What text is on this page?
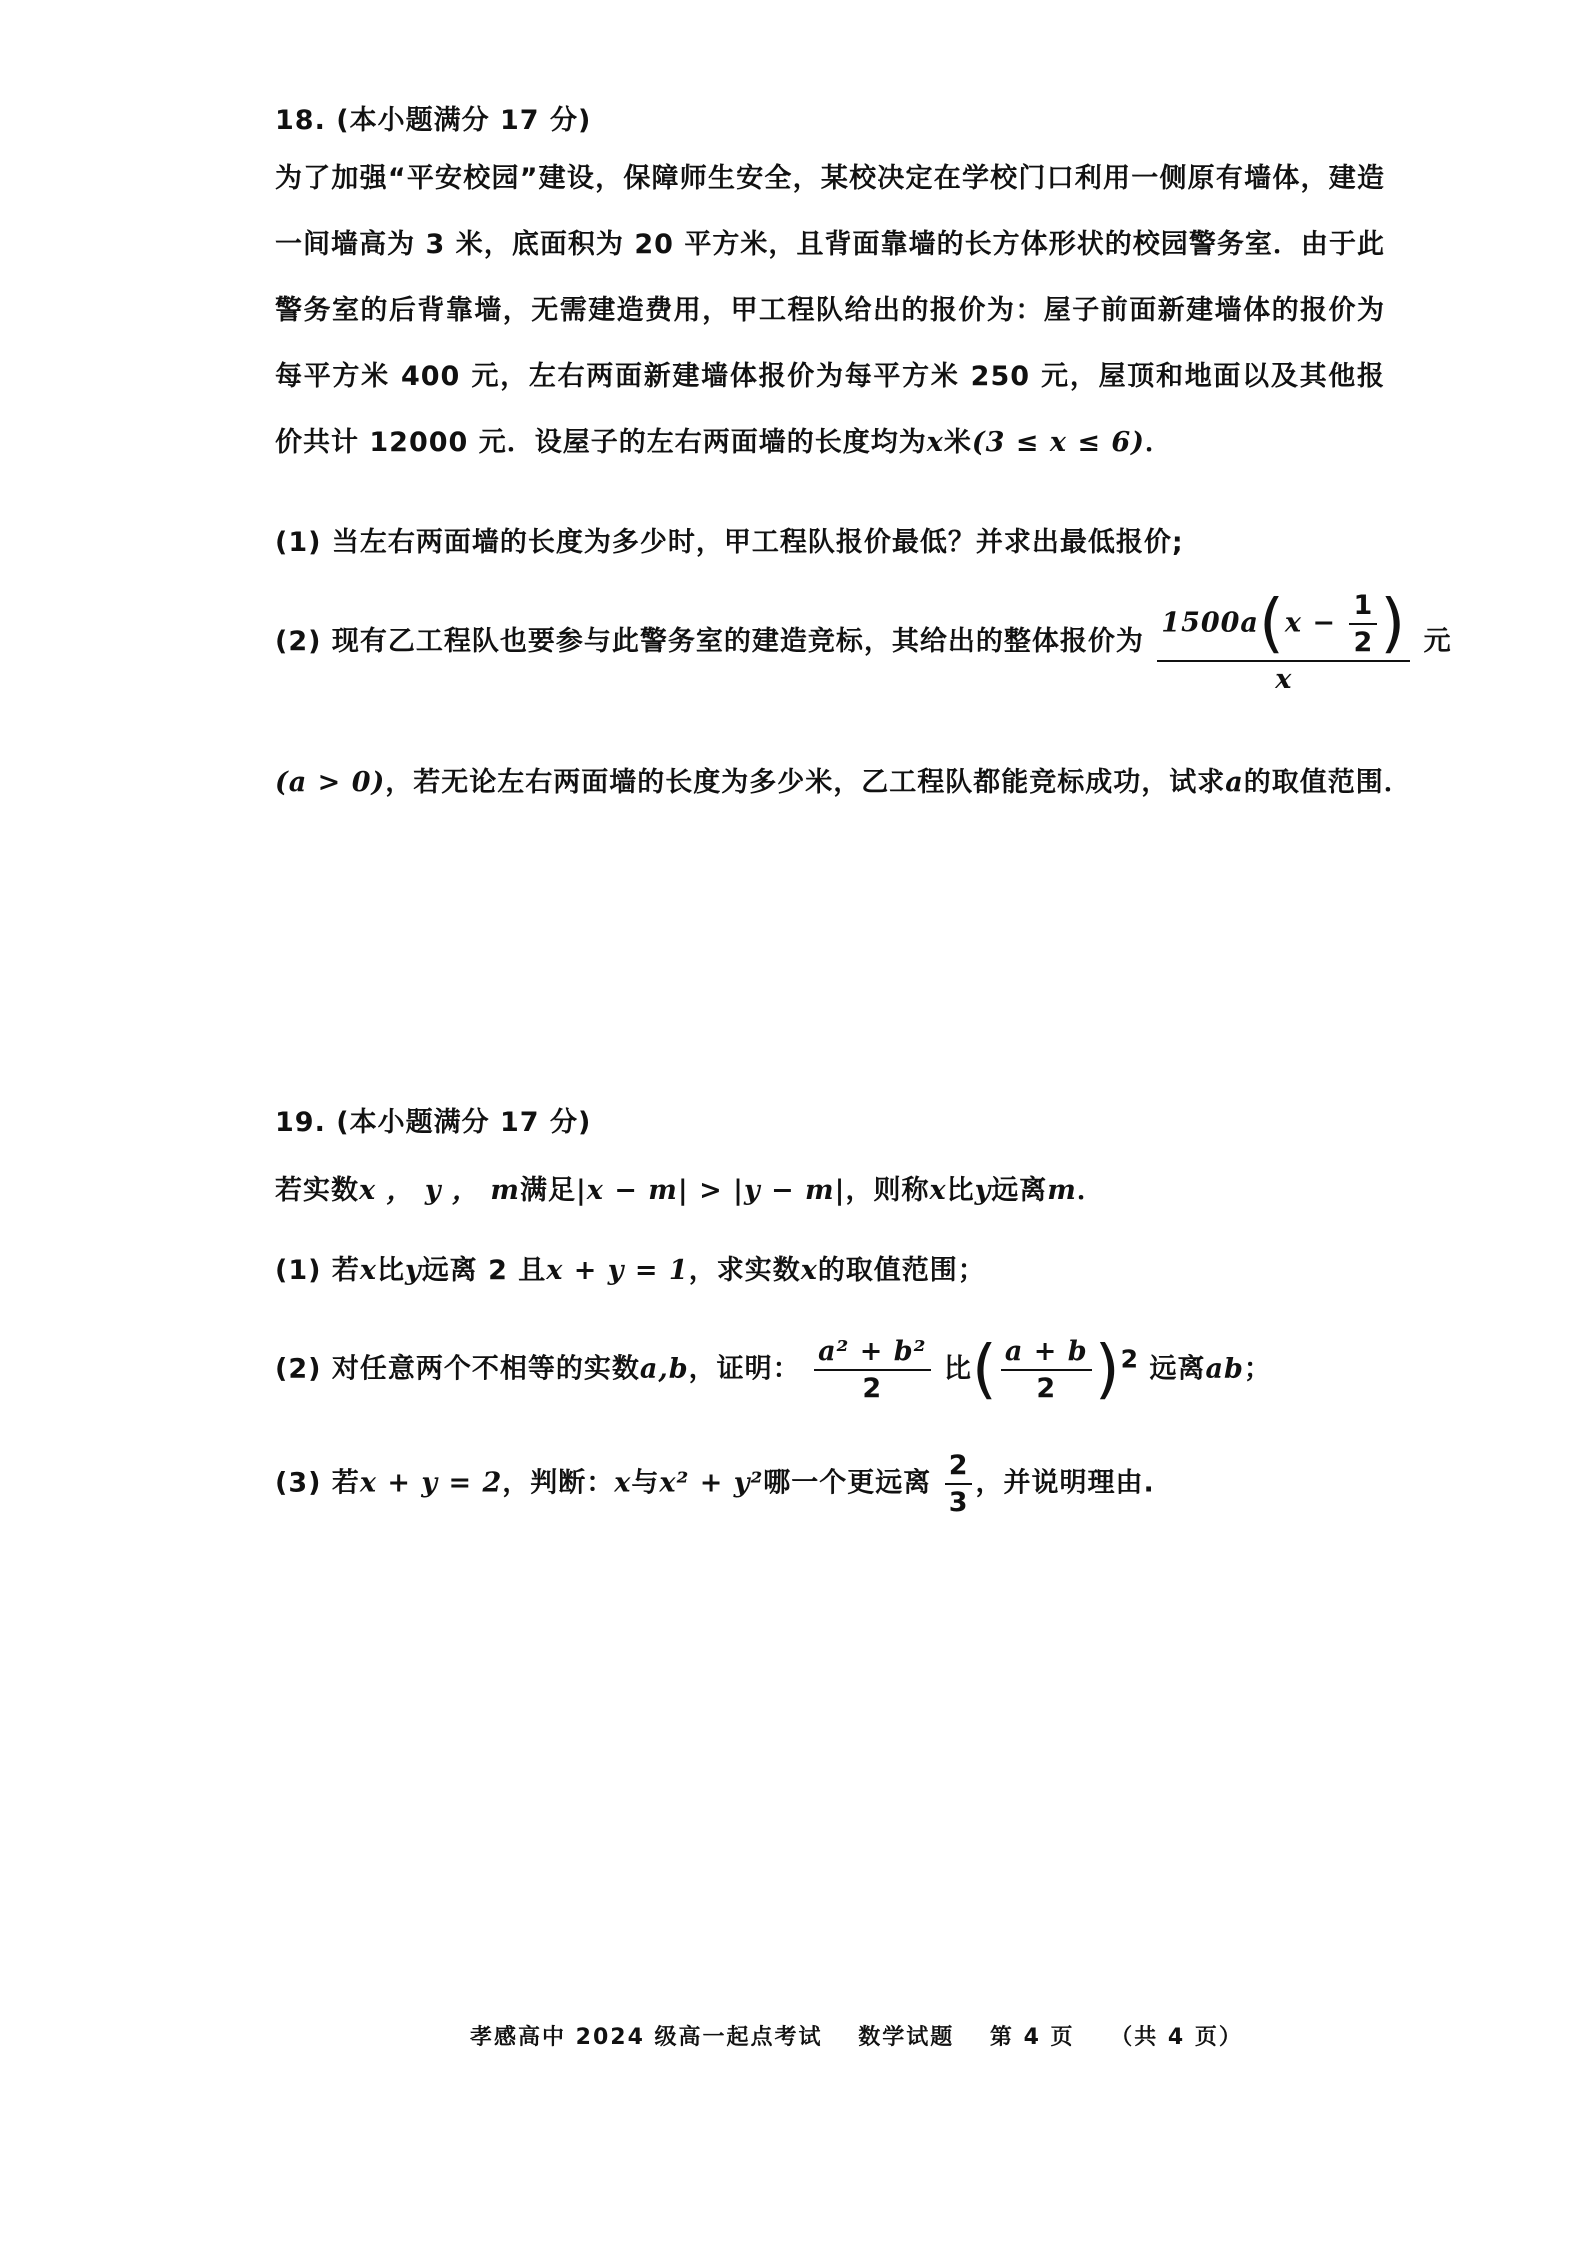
18. (本小题满分 17 分)

为了加强“平安校园”建设，保障师生安全，某校决定在学校门口利用一侧原有墙体，建造一间墙高为 3 米，底面积为 20 平方米，且背面靠墙的长方体形状的校园警务室．由于此警务室的后背靠墙，无需建造费用，甲工程队给出的报价为：屋子前面新建墙体的报价为每平方米 400 元，左右两面新建墙体报价为每平方米 250 元，屋顶和地面以及其他报价共计 12000 元．设屋子的左右两面墙的长度均为x米(3 ≤ x ≤ 6)．

(1) 当左右两面墙的长度为多少时，甲工程队报价最低？并求出最低报价;

(2) 现有乙工程队也要参与此警务室的建造竞标，其给出的整体报价为 $\frac{1500a(x - \frac{1}{2} )}{x}$ 元

(a > 0)，若无论左右两面墙的长度为多少米，乙工程队都能竞标成功，试求a的取值范围．

19. (本小题满分 17 分)

若实数x ， y ， m满足|x − m| > |y − m|，则称x比y远离m．

(1) 若x比y远离 2 且x + y = 1，求实数x的取值范围；

(2) 对任意两个不相等的实数a,b，证明： $\frac{\text{a² + b²}}{2}$ 比( $\frac{a + b}{2} )^2$ 远离ab；
(3) 若x + y = 2，判断：x与x² + y²哪一个更远离 $\frac{2}{3}$ ，并说明理由.
孝感高中 2024 级高一起点考试 数学试题 第 4 页 （共 4 页）
